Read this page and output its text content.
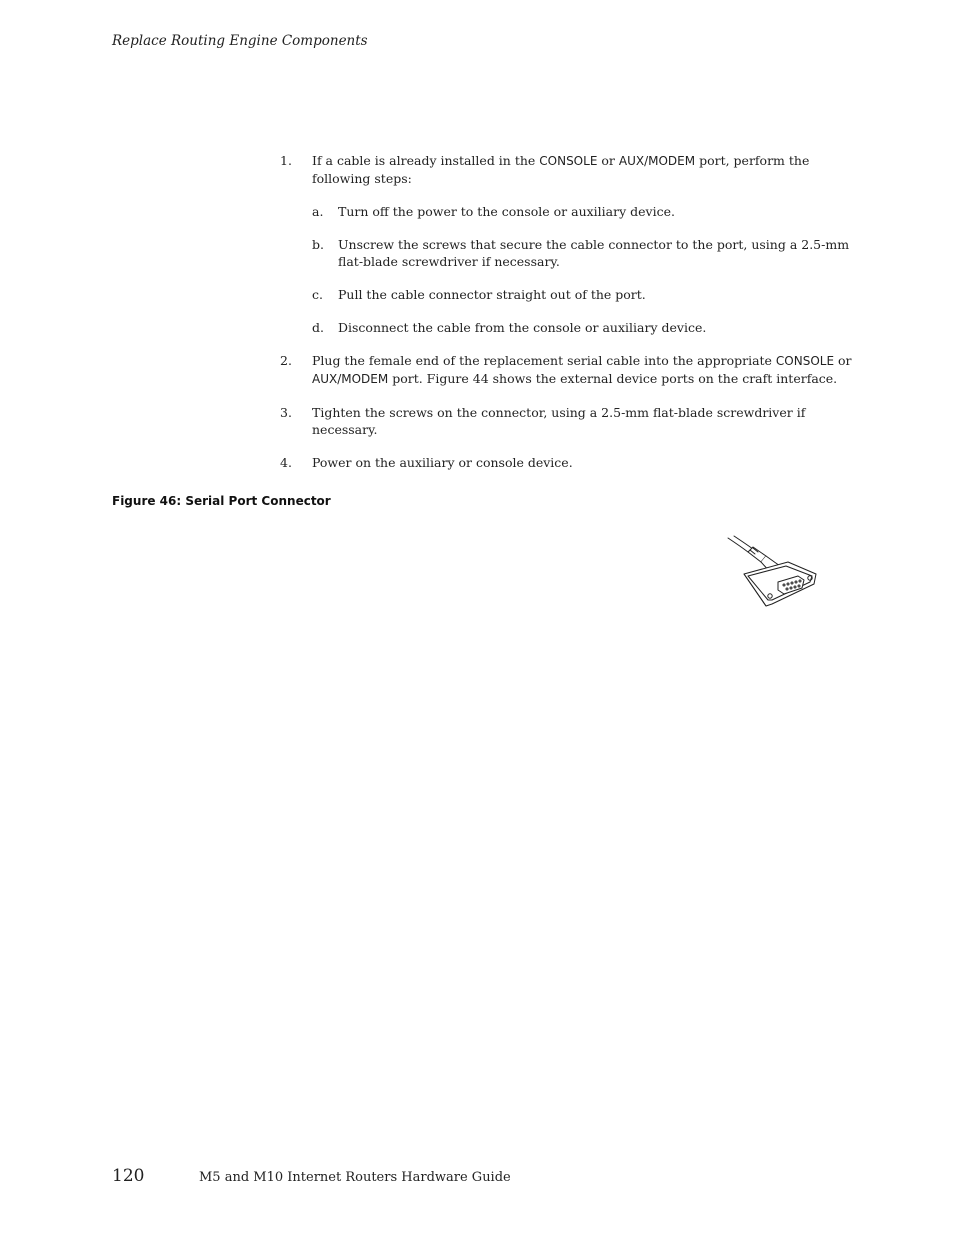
Replace Routing Engine Components
1. If a cable is already installed in the CONSOLE or AUX/MODEM port, perform the following steps:
a. Turn off the power to the console or auxiliary device.
b. Unscrew the screws that secure the cable connector to the port, using a 2.5-mm flat-blade screwdriver if necessary.
c. Pull the cable connector straight out of the port.
d. Disconnect the cable from the console or auxiliary device.
2. Plug the female end of the replacement serial cable into the appropriate CONSOLE or AUX/MODEM port. Figure 44 shows the external device ports on the craft interface.
3. Tighten the screws on the connector, using a 2.5-mm flat-blade screwdriver if necessary.
4. Power on the auxiliary or console device.
Figure 46: Serial Port Connector
120	M5 and M10 Internet Routers Hardware Guide
